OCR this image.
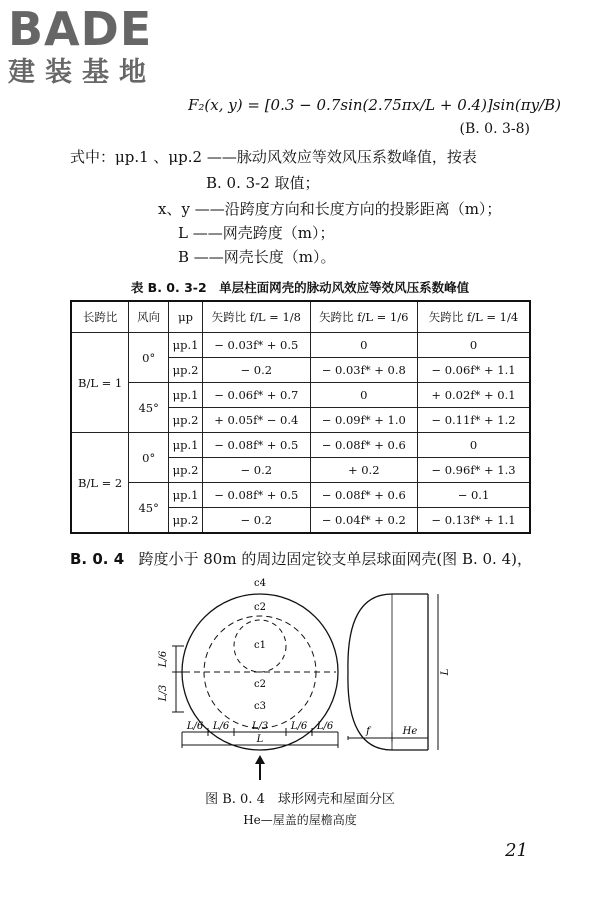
BADE
建装基地
F₂(x, y) = [0.3 − 0.7sin(2.75πx/L + 0.4)]sin(πy/B)
(B. 0. 3-8)
式中：μp.1 、μp.2 ——脉动风效应等效风压系数峰值，按表
B. 0. 3-2 取值；
x、y ——沿跨度方向和长度方向的投影距离（m）；
L ——网壳跨度（m）；
B ——网壳长度（m）。
表 B. 0. 3-2　单层柱面网壳的脉动风效应等效风压系数峰值
长跨比	风向	μp	矢跨比 f/L = 1/8	矢跨比 f/L = 1/6	矢跨比 f/L = 1/4
B/L = 1	0°	μp.1	− 0.03f* + 0.5	0	0
		μp.2	− 0.2	− 0.03f* + 0.8	− 0.06f* + 1.1
	45°	μp.1	− 0.06f* + 0.7	0	+ 0.02f* + 0.1
		μp.2	+ 0.05f* − 0.4	− 0.09f* + 1.0	− 0.11f* + 1.2
B/L = 2	0°	μp.1	− 0.08f* + 0.5	− 0.08f* + 0.6	0
		μp.2	− 0.2	+ 0.2	− 0.96f* + 1.3
	45°	μp.1	− 0.08f* + 0.5	− 0.08f* + 0.6	− 0.1
		μp.2	− 0.2	− 0.04f* + 0.2	− 0.13f* + 1.1
B. 0. 4 跨度小于 80m 的周边固定铰支单层球面网壳(图 B. 0. 4)，
c4
c2
c1
c2
c3
L/6
L/3
L/6 L/6 L/3 L/6 L/6
L
L
f	He
图 B. 0. 4　球形网壳和屋面分区
He—屋盖的屋檐高度
21
